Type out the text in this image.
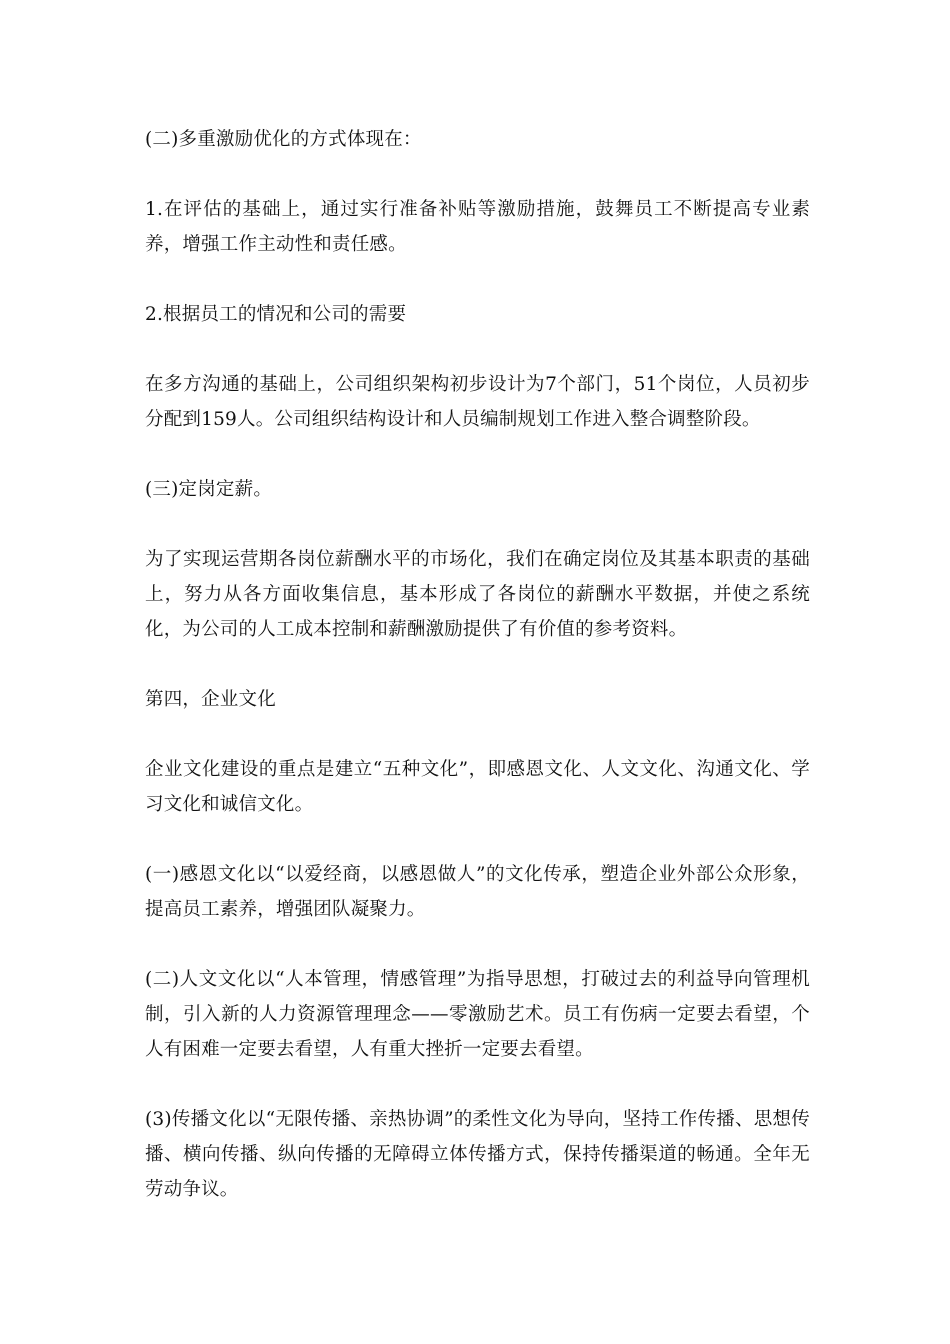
(二)多重激励优化的方式体现在：

1.在评估的基础上，通过实行准备补贴等激励措施，鼓舞员工不断提高专业素养，增强工作主动性和责任感。

2.根据员工的情况和公司的需要

在多方沟通的基础上，公司组织架构初步设计为7个部门，51个岗位，人员初步分配到159人。公司组织结构设计和人员编制规划工作进入整合调整阶段。

(三)定岗定薪。

为了实现运营期各岗位薪酬水平的市场化，我们在确定岗位及其基本职责的基础上，努力从各方面收集信息，基本形成了各岗位的薪酬水平数据，并使之系统化，为公司的人工成本控制和薪酬激励提供了有价值的参考资料。

第四，企业文化

企业文化建设的重点是建立“五种文化”，即感恩文化、人文文化、沟通文化、学习文化和诚信文化。

(一)感恩文化以“以爱经商，以感恩做人”的文化传承，塑造企业外部公众形象，提高员工素养，增强团队凝聚力。

(二)人文文化以“人本管理，情感管理”为指导思想，打破过去的利益导向管理机制，引入新的人力资源管理理念——零激励艺术。员工有伤病一定要去看望，个人有困难一定要去看望，人有重大挫折一定要去看望。

(3)传播文化以“无限传播、亲热协调”的柔性文化为导向，坚持工作传播、思想传播、横向传播、纵向传播的无障碍立体传播方式，保持传播渠道的畅通。全年无劳动争议。
